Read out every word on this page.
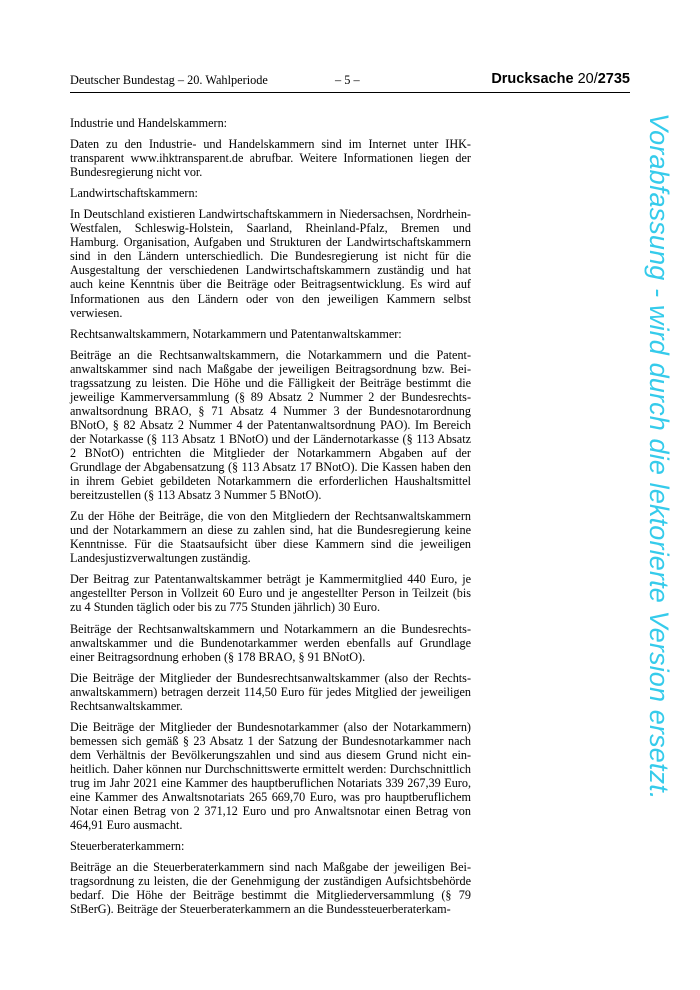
Deutscher Bundestag – 20. Wahlperiode	– 5 –	Drucksache 20/2735

Industrie und Handelskammern:

Daten zu den Industrie- und Handelskammern sind im Internet unter IHK-transparent www.ihktransparent.de abrufbar. Weitere Informationen liegen der Bundesregierung nicht vor.

Landwirtschaftskammern:

In Deutschland existieren Landwirtschaftskammern in Niedersachsen, Nordrhein-Westfalen, Schleswig-Holstein, Saarland, Rheinland-Pfalz, Bremen und Hamburg. Organisation, Aufgaben und Strukturen der Landwirtschaftskammern sind in den Ländern unterschiedlich. Die Bundesregierung ist nicht für die Ausgestaltung der verschiedenen Landwirtschaftskammern zuständig und hat auch keine Kenntnis über die Beiträge oder Beitragsentwicklung. Es wird auf Informationen aus den Ländern oder von den jeweiligen Kammern selbst verwiesen.

Rechtsanwaltskammern, Notarkammern und Patentanwaltskammer:

Beiträge an die Rechtsanwaltskammern, die Notarkammern und die Patentanwaltskammer sind nach Maßgabe der jeweiligen Beitragsordnung bzw. Beitragssatzung zu leisten. Die Höhe und die Fälligkeit der Beiträge bestimmt die jeweilige Kammerversammlung (§ 89 Absatz 2 Nummer 2 der Bundesrechtsanwaltsordnung BRAO, § 71 Absatz 4 Nummer 3 der Bundesnotarordnung BNotO, § 82 Absatz 2 Nummer 4 der Patentanwaltsordnung PAO). Im Bereich der Notarkasse (§ 113 Absatz 1 BNotO) und der Ländernotarkasse (§ 113 Absatz 2 BNotO) entrichten die Mitglieder der Notarkammern Abgaben auf der Grundlage der Abgabensatzung (§ 113 Absatz 17 BNotO). Die Kassen haben den in ihrem Gebiet gebildeten Notarkammern die erforderlichen Haushaltsmittel bereitzustellen (§ 113 Absatz 3 Nummer 5 BNotO).

Zu der Höhe der Beiträge, die von den Mitgliedern der Rechtsanwaltskammern und der Notarkammern an diese zu zahlen sind, hat die Bundesregierung keine Kenntnisse. Für die Staatsaufsicht über diese Kammern sind die jeweiligen Landesjustizverwaltungen zuständig.

Der Beitrag zur Patentanwaltskammer beträgt je Kammermitglied 440 Euro, je angestellter Person in Vollzeit 60 Euro und je angestellter Person in Teilzeit (bis zu 4 Stunden täglich oder bis zu 775 Stunden jährlich) 30 Euro.

Beiträge der Rechtsanwaltskammern und Notarkammern an die Bundesrechtsanwaltskammer und die Bundenotarkammer werden ebenfalls auf Grundlage einer Beitragsordnung erhoben (§ 178 BRAO, § 91 BNotO).

Die Beiträge der Mitglieder der Bundesrechtsanwaltskammer (also der Rechtsanwaltskammern) betragen derzeit 114,50 Euro für jedes Mitglied der jeweiligen Rechtsanwaltskammer.

Die Beiträge der Mitglieder der Bundesnotarkammer (also der Notarkammern) bemessen sich gemäß § 23 Absatz 1 der Satzung der Bundesnotarkammer nach dem Verhältnis der Bevölkerungszahlen und sind aus diesem Grund nicht einheitlich. Daher können nur Durchschnittswerte ermittelt werden: Durchschnittlich trug im Jahr 2021 eine Kammer des hauptberuflichen Notariats 339 267,39 Euro, eine Kammer des Anwaltsnotariats 265 669,70 Euro, was pro hauptberuflichem Notar einen Betrag von 2 371,12 Euro und pro Anwaltsnotar einen Betrag von 464,91 Euro ausmacht.

Steuerberaterkammern:

Beiträge an die Steuerberaterkammern sind nach Maßgabe der jeweiligen Beitragsordnung zu leisten, die der Genehmigung der zuständigen Aufsichtsbehörde bedarf. Die Höhe der Beiträge bestimmt die Mitgliederversammlung (§ 79 StBerG). Beiträge der Steuerberaterkammern an die Bundessteuerberaterkam-

Vorabfassung - wird durch die lektorierte Version ersetzt.
